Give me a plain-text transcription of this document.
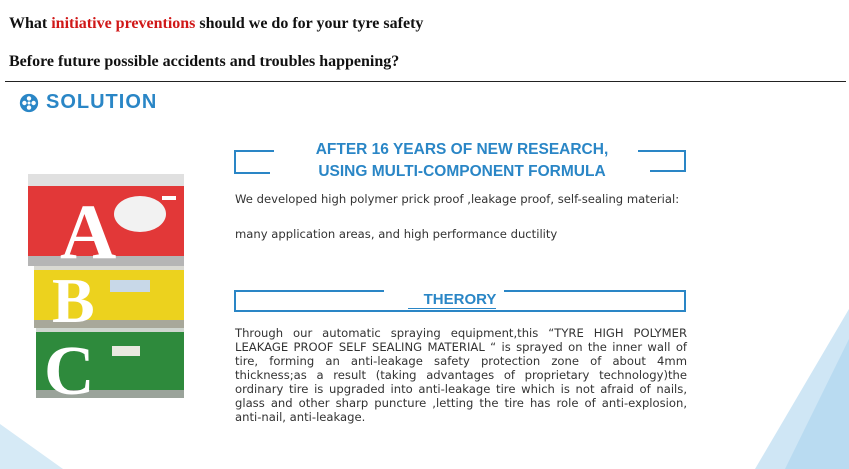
What initiative preventions should we do for your tyre safety
Before future possible accidents and troubles happening?
SOLUTION
AFTER 16 YEARS OF NEW RESEARCH,
USING MULTI-COMPONENT FORMULA
We developed high polymer prick proof ,leakage proof, self-sealing material:
many application areas, and high performance ductility
THERORY
Through our automatic spraying equipment,this “TYRE HIGH POLYMER LEAKAGE PROOF SELF SEALING MATERIAL “ is sprayed on the inner wall of tire, forming an anti-leakage safety protection zone of about 4mm thickness;as a result (taking advantages of proprietary technology)the ordinary tire is upgraded into anti-leakage tire which is not afraid of nails, glass and other sharp puncture ,letting the tire has role of anti-explosion, anti-nail, anti-leakage.
A
B
C
